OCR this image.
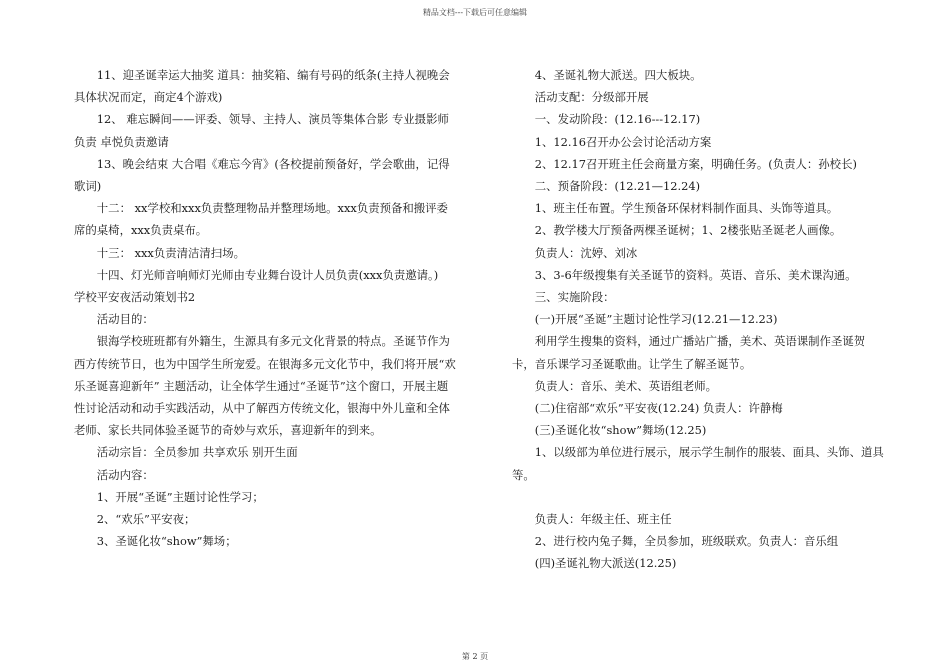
精品文档---下载后可任意编辑

　　11、迎圣诞幸运大抽奖 道具：抽奖箱、编有号码的纸条(主持人视晚会具体状况而定，商定4个游戏)

　　12、 难忘瞬间——评委、领导、主持人、演员等集体合影 专业摄影师负责 卓悦负责邀请

　　13、晚会结束 大合唱《难忘今宵》(各校提前预备好，学会歌曲，记得歌词)

　　十二： xx学校和xxx负责整理物品并整理场地。xxx负责预备和搬评委席的桌椅，xxx负责桌布。

　　十三： xxx负责清洁清扫场。

　　十四、灯光师音响师灯光师由专业舞台设计人员负责(xxx负责邀请。)

学校平安夜活动策划书2

　　活动目的：

　　银海学校班班都有外籍生，生源具有多元文化背景的特点。圣诞节作为西方传统节日，也为中国学生所宠爱。在银海多元文化节中，我们将开展“欢乐圣诞喜迎新年” 主题活动，让全体学生通过“圣诞节”这个窗口，开展主题性讨论活动和动手实践活动，从中了解西方传统文化，银海中外儿童和全体老师、家长共同体验圣诞节的奇妙与欢乐，喜迎新年的到来。

　　活动宗旨：全员参加 共享欢乐 别开生面

　　活动内容：

　　1、开展“圣诞”主题讨论性学习；

　　2、“欢乐”平安夜；

　　3、圣诞化妆“show”舞场；

　　4、圣诞礼物大派送。四大板块。

　　活动支配：分级部开展

　　一、发动阶段：(12.16---12.17)

　　1、12.16召开办公会讨论活动方案

　　2、12.17召开班主任会商量方案，明确任务。(负责人：孙校长)

　　二、预备阶段：(12.21—12.24)

　　1、班主任布置。学生预备环保材料制作面具、头饰等道具。

　　2、教学楼大厅预备两棵圣诞树；1、2楼张贴圣诞老人画像。

　　负责人：沈婷、刘冰

　　3、3-6年级搜集有关圣诞节的资料。英语、音乐、美术课沟通。

　　三、实施阶段：

　　(一)开展“圣诞”主题讨论性学习(12.21—12.23)

　　利用学生搜集的资料，通过广播站广播，美术、英语课制作圣诞贺卡，音乐课学习圣诞歌曲。让学生了解圣诞节。

　　负责人：音乐、美术、英语组老师。

　　(二)住宿部“欢乐”平安夜(12.24) 负责人：许静梅

　　(三)圣诞化妆“show”舞场(12.25)

　　1、以级部为单位进行展示，展示学生制作的服装、面具、头饰、道具等。

　　负责人：年级主任、班主任

　　2、进行校内兔子舞，全员参加，班级联欢。负责人：音乐组

　　(四)圣诞礼物大派送(12.25)

第 2 页
